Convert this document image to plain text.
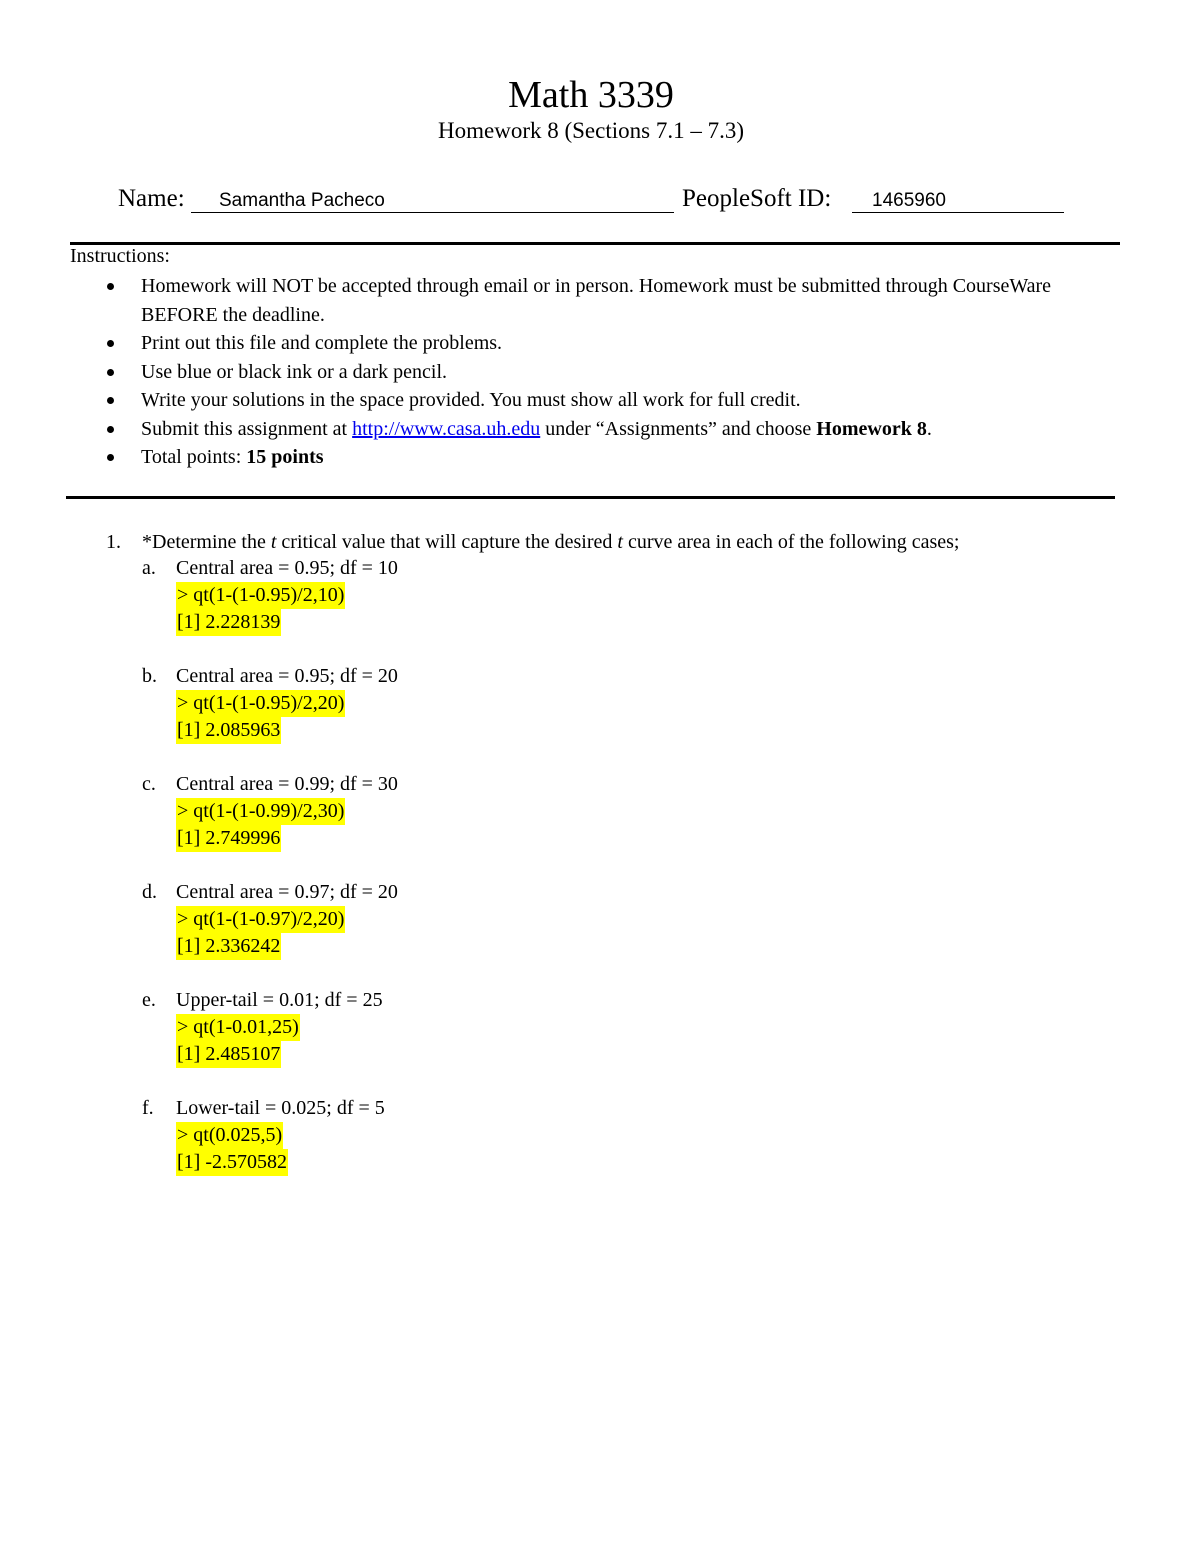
Math 3339
Homework 8 (Sections 7.1 – 7.3)
Name:	Samantha Pacheco	PeopleSoft ID:	1465960
Instructions:
Homework will NOT be accepted through email or in person. Homework must be submitted through CourseWare BEFORE the deadline.
Print out this file and complete the problems.
Use blue or black ink or a dark pencil.
Write your solutions in the space provided. You must show all work for full credit.
Submit this assignment at http://www.casa.uh.edu under “Assignments” and choose Homework 8.
Total points: 15 points
1. *Determine the t critical value that will capture the desired t curve area in each of the following cases;
a. Central area = 0.95; df = 10
> qt(1-(1-0.95)/2,10)
[1] 2.228139
b. Central area = 0.95; df = 20
> qt(1-(1-0.95)/2,20)
[1] 2.085963
c. Central area = 0.99; df = 30
> qt(1-(1-0.99)/2,30)
[1] 2.749996
d. Central area = 0.97; df = 20
> qt(1-(1-0.97)/2,20)
[1] 2.336242
e. Upper-tail = 0.01; df = 25
> qt(1-0.01,25)
[1] 2.485107
f. Lower-tail = 0.025; df = 5
> qt(0.025,5)
[1] -2.570582
